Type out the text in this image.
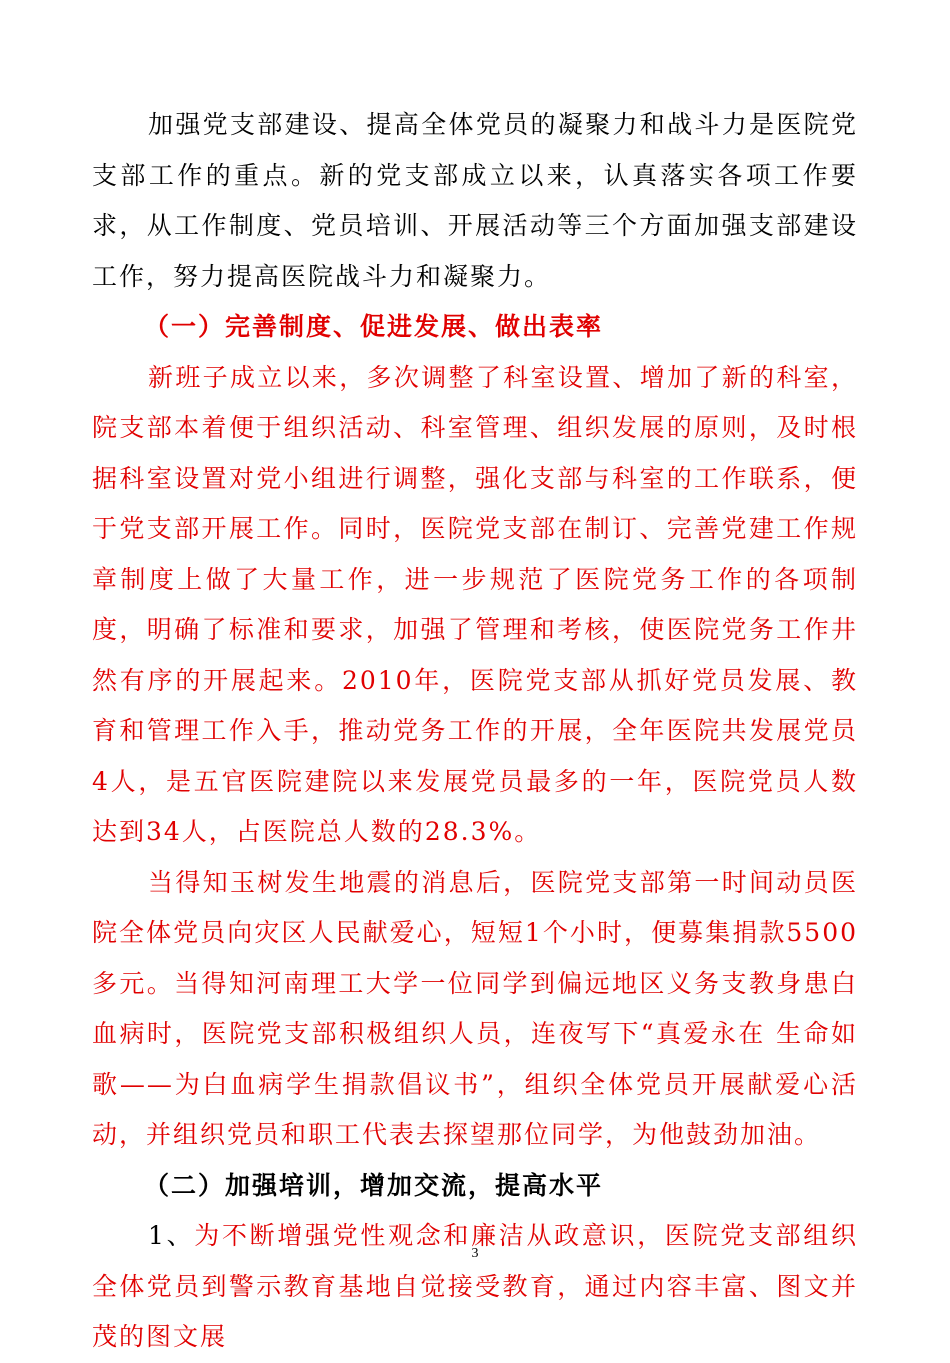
加强党支部建设、提高全体党员的凝聚力和战斗力是医院党支部工作的重点。新的党支部成立以来，认真落实各项工作要求，从工作制度、党员培训、开展活动等三个方面加强支部建设工作，努力提高医院战斗力和凝聚力。

（一）完善制度、促进发展、做出表率

新班子成立以来，多次调整了科室设置、增加了新的科室，院支部本着便于组织活动、科室管理、组织发展的原则，及时根据科室设置对党小组进行调整，强化支部与科室的工作联系，便于党支部开展工作。同时，医院党支部在制订、完善党建工作规章制度上做了大量工作，进一步规范了医院党务工作的各项制度，明确了标准和要求，加强了管理和考核，使医院党务工作井然有序的开展起来。2010年，医院党支部从抓好党员发展、教育和管理工作入手，推动党务工作的开展，全年医院共发展党员4人，是五官医院建院以来发展党员最多的一年，医院党员人数达到34人，占医院总人数的28.3%。

当得知玉树发生地震的消息后，医院党支部第一时间动员医院全体党员向灾区人民献爱心，短短1个小时，便募集捐款5500多元。当得知河南理工大学一位同学到偏远地区义务支教身患白血病时，医院党支部积极组织人员，连夜写下“真爱永在 生命如歌——为白血病学生捐款倡议书”，组织全体党员开展献爱心活动，并组织党员和职工代表去探望那位同学，为他鼓劲加油。

（二）加强培训，增加交流，提高水平

1、为不断增强党性观念和廉洁从政意识，医院党支部组织全体党员到警示教育基地自觉接受教育，通过内容丰富、图文并茂的图文展

3
